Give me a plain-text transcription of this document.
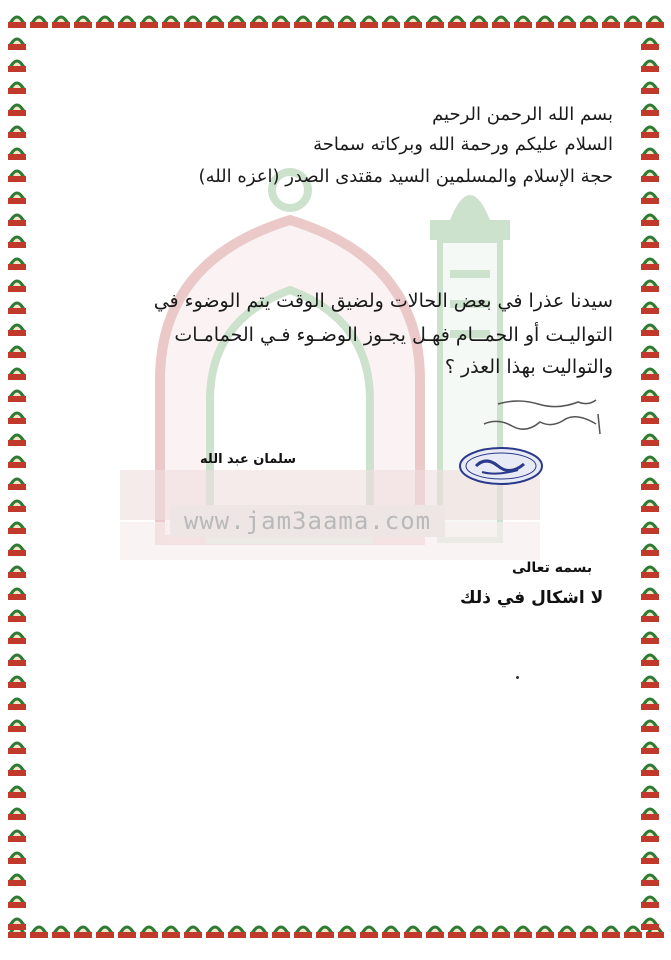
www.jam3aama.com
بسم الله الرحمن الرحيم
السلام عليكم ورحمة الله وبركاته سماحة
حجة الإسلام والمسلمين السيد مقتدى الصدر (اعزه الله)
سيدنا عذرا في بعض الحالات ولضيق الوقت يتم الوضوء في
التواليـت أو الحمــام فهـل يجـوز الوضـوء فـي الحمامـات
والتواليت بهذا العذر ؟
سلمان عبد الله
بسمه تعالى
لا اشكال في ذلك
